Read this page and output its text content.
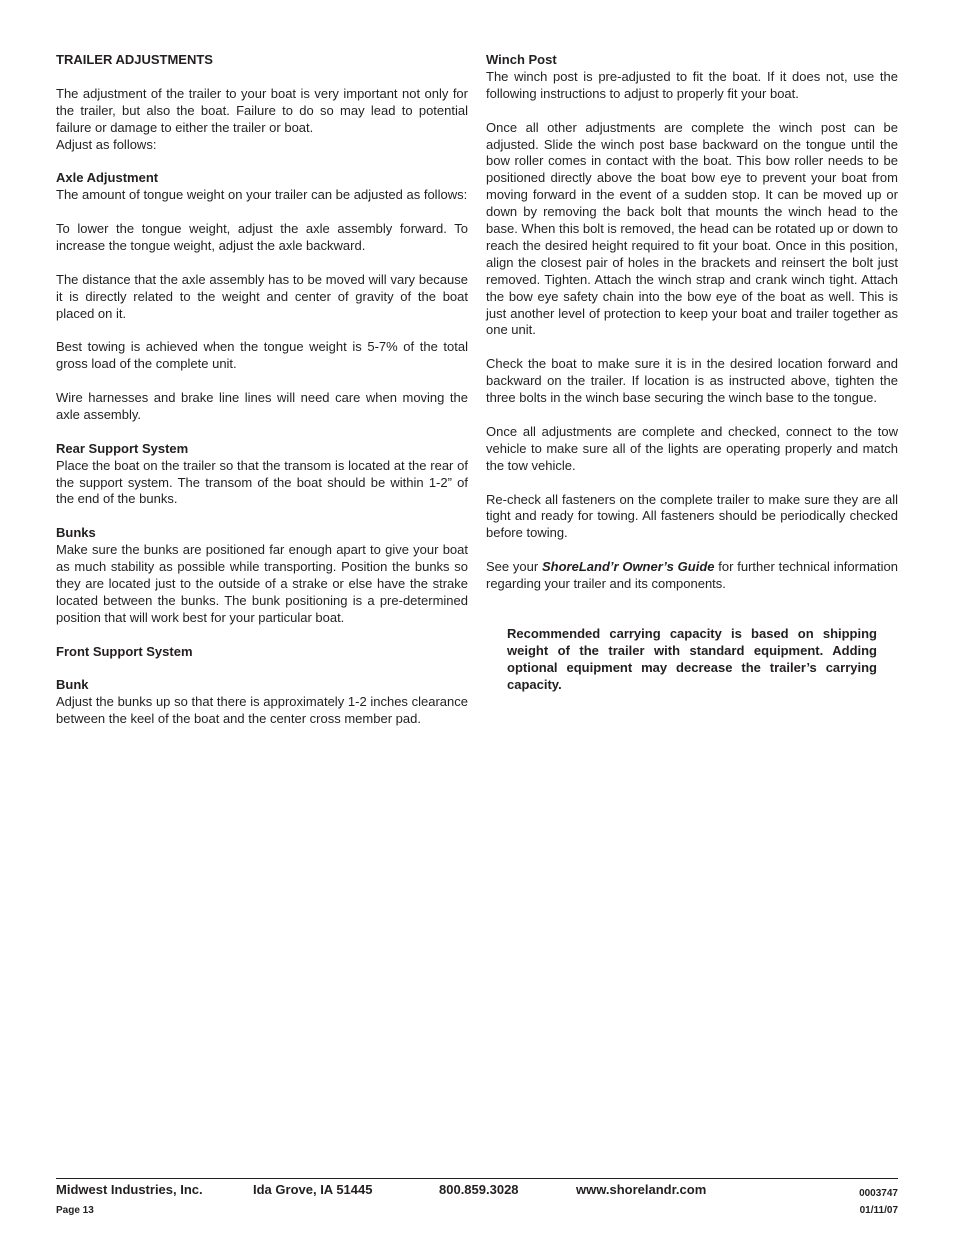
TRAILER ADJUSTMENTS

The adjustment of the trailer to your boat is very important not only for the trailer, but also the boat. Failure to do so may lead to potential failure or damage to either the trailer or boat.

Adjust as follows:

Axle Adjustment

The amount of tongue weight on your trailer can be adjusted as follows:

To lower the tongue weight, adjust the axle assembly forward. To increase the tongue weight, adjust the axle backward.

The distance that the axle assembly has to be moved will vary because it is directly related to the weight and center of gravity of the boat placed on it.

Best towing is achieved when the tongue weight is 5-7% of the total gross load of the complete unit.

Wire harnesses and brake line lines will need care when moving the axle assembly.

Rear Support System

Place the boat on the trailer so that the transom is located at the rear of the support system. The transom of the boat should be within 1-2” of the end of the bunks.

Bunks

Make sure the bunks are positioned far enough apart to give your boat as much stability as possible while transporting. Position the bunks so they are located just to the outside of a strake or else have the strake located between the bunks. The bunk positioning is a pre-determined position that will work best for your particular boat.

Front Support System
Bunk

Adjust the bunks up so that there is approximately 1-2 inches clearance between the keel of the boat and the center cross member pad.

Winch Post

The winch post is pre-adjusted to fit the boat. If it does not, use the following instructions to adjust to properly fit your boat.

Once all other adjustments are complete the winch post can be adjusted. Slide the winch post base backward on the tongue until the bow roller comes in contact with the boat. This bow roller needs to be positioned directly above the boat bow eye to prevent your boat from moving forward in the event of a sudden stop. It can be moved up or down by removing the back bolt that mounts the winch head to the base. When this bolt is removed, the head can be rotated up or down to reach the desired height required to fit your boat. Once in this position, align the closest pair of holes in the brackets and reinsert the bolt just removed. Tighten. Attach the winch strap and crank winch tight. Attach the bow eye safety chain into the bow eye of the boat as well. This is just another level of protection to keep your boat and trailer together as one unit.

Check the boat to make sure it is in the desired location forward and backward on the trailer. If location is as instructed above, tighten the three bolts in the winch base securing the winch base to the tongue.

Once all adjustments are complete and checked, connect to the tow vehicle to make sure all of the lights are operating properly and match the tow vehicle.

Re-check all fasteners on the complete trailer to make sure they are all tight and ready for towing. All fasteners should be periodically checked before towing.

See your ShoreLand’r Owner’s Guide for further technical information regarding your trailer and its components.

Recommended carrying capacity is based on shipping weight of the trailer with standard equipment. Adding optional equipment may decrease the trailer’s carrying capacity.
Midwest Industries, Inc.	Ida Grove, IA 51445	800.859.3028	www.shorelandr.com	0003747
Page 13	01/11/07
